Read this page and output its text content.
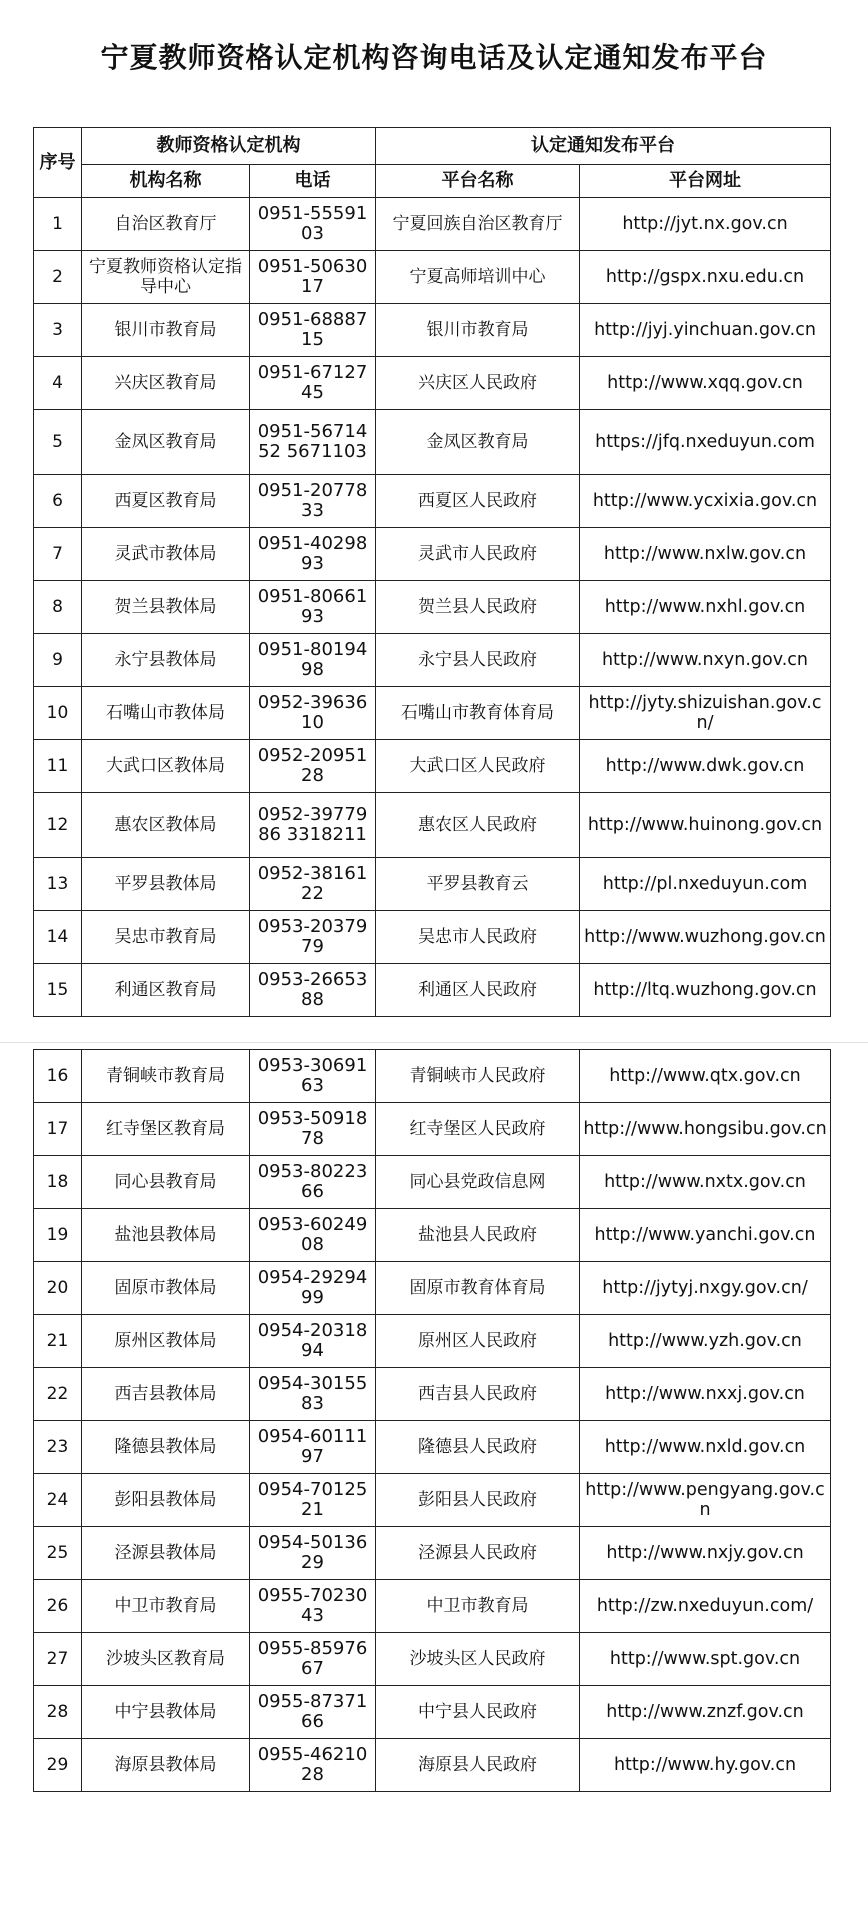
宁夏教师资格认定机构咨询电话及认定通知发布平台
序号	教师资格认定机构		认定通知发布平台	
	机构名称	电话	平台名称	平台网址
1	自治区教育厅	0951-5559103	宁夏回族自治区教育厅	http://jyt.nx.gov.cn
2	宁夏教师资格认定指导中心	0951-5063017	宁夏高师培训中心	http://gspx.nxu.edu.cn
3	银川市教育局	0951-6888715	银川市教育局	http://jyj.yinchuan.gov.cn
4	兴庆区教育局	0951-6712745	兴庆区人民政府	http://www.xqq.gov.cn
5	金凤区教育局	0951-5671452 5671103	金凤区教育局	https://jfq.nxeduyun.com
6	西夏区教育局	0951-2077833	西夏区人民政府	http://www.ycxixia.gov.cn
7	灵武市教体局	0951-4029893	灵武市人民政府	http://www.nxlw.gov.cn
8	贺兰县教体局	0951-8066193	贺兰县人民政府	http://www.nxhl.gov.cn
9	永宁县教体局	0951-8019498	永宁县人民政府	http://www.nxyn.gov.cn
10	石嘴山市教体局	0952-3963610	石嘴山市教育体育局	http://jyty.shizuishan.gov.cn/
11	大武口区教体局	0952-2095128	大武口区人民政府	http://www.dwk.gov.cn
12	惠农区教体局	0952-3977986 3318211	惠农区人民政府	http://www.huinong.gov.cn
13	平罗县教体局	0952-3816122	平罗县教育云	http://pl.nxeduyun.com
14	吴忠市教育局	0953-2037979	吴忠市人民政府	http://www.wuzhong.gov.cn
15	利通区教育局	0953-2665388	利通区人民政府	http://ltq.wuzhong.gov.cn
16	青铜峡市教育局	0953-3069163	青铜峡市人民政府	http://www.qtx.gov.cn
17	红寺堡区教育局	0953-5091878	红寺堡区人民政府	http://www.hongsibu.gov.cn
18	同心县教育局	0953-8022366	同心县党政信息网	http://www.nxtx.gov.cn
19	盐池县教体局	0953-6024908	盐池县人民政府	http://www.yanchi.gov.cn
20	固原市教体局	0954-2929499	固原市教育体育局	http://jytyj.nxgy.gov.cn/
21	原州区教体局	0954-2031894	原州区人民政府	http://www.yzh.gov.cn
22	西吉县教体局	0954-3015583	西吉县人民政府	http://www.nxxj.gov.cn
23	隆德县教体局	0954-6011197	隆德县人民政府	http://www.nxld.gov.cn
24	彭阳县教体局	0954-7012521	彭阳县人民政府	http://www.pengyang.gov.cn
25	泾源县教体局	0954-5013629	泾源县人民政府	http://www.nxjy.gov.cn
26	中卫市教育局	0955-7023043	中卫市教育局	http://zw.nxeduyun.com/
27	沙坡头区教育局	0955-8597667	沙坡头区人民政府	http://www.spt.gov.cn
28	中宁县教体局	0955-8737166	中宁县人民政府	http://www.znzf.gov.cn
29	海原县教体局	0955-4621028	海原县人民政府	http://www.hy.gov.cn
